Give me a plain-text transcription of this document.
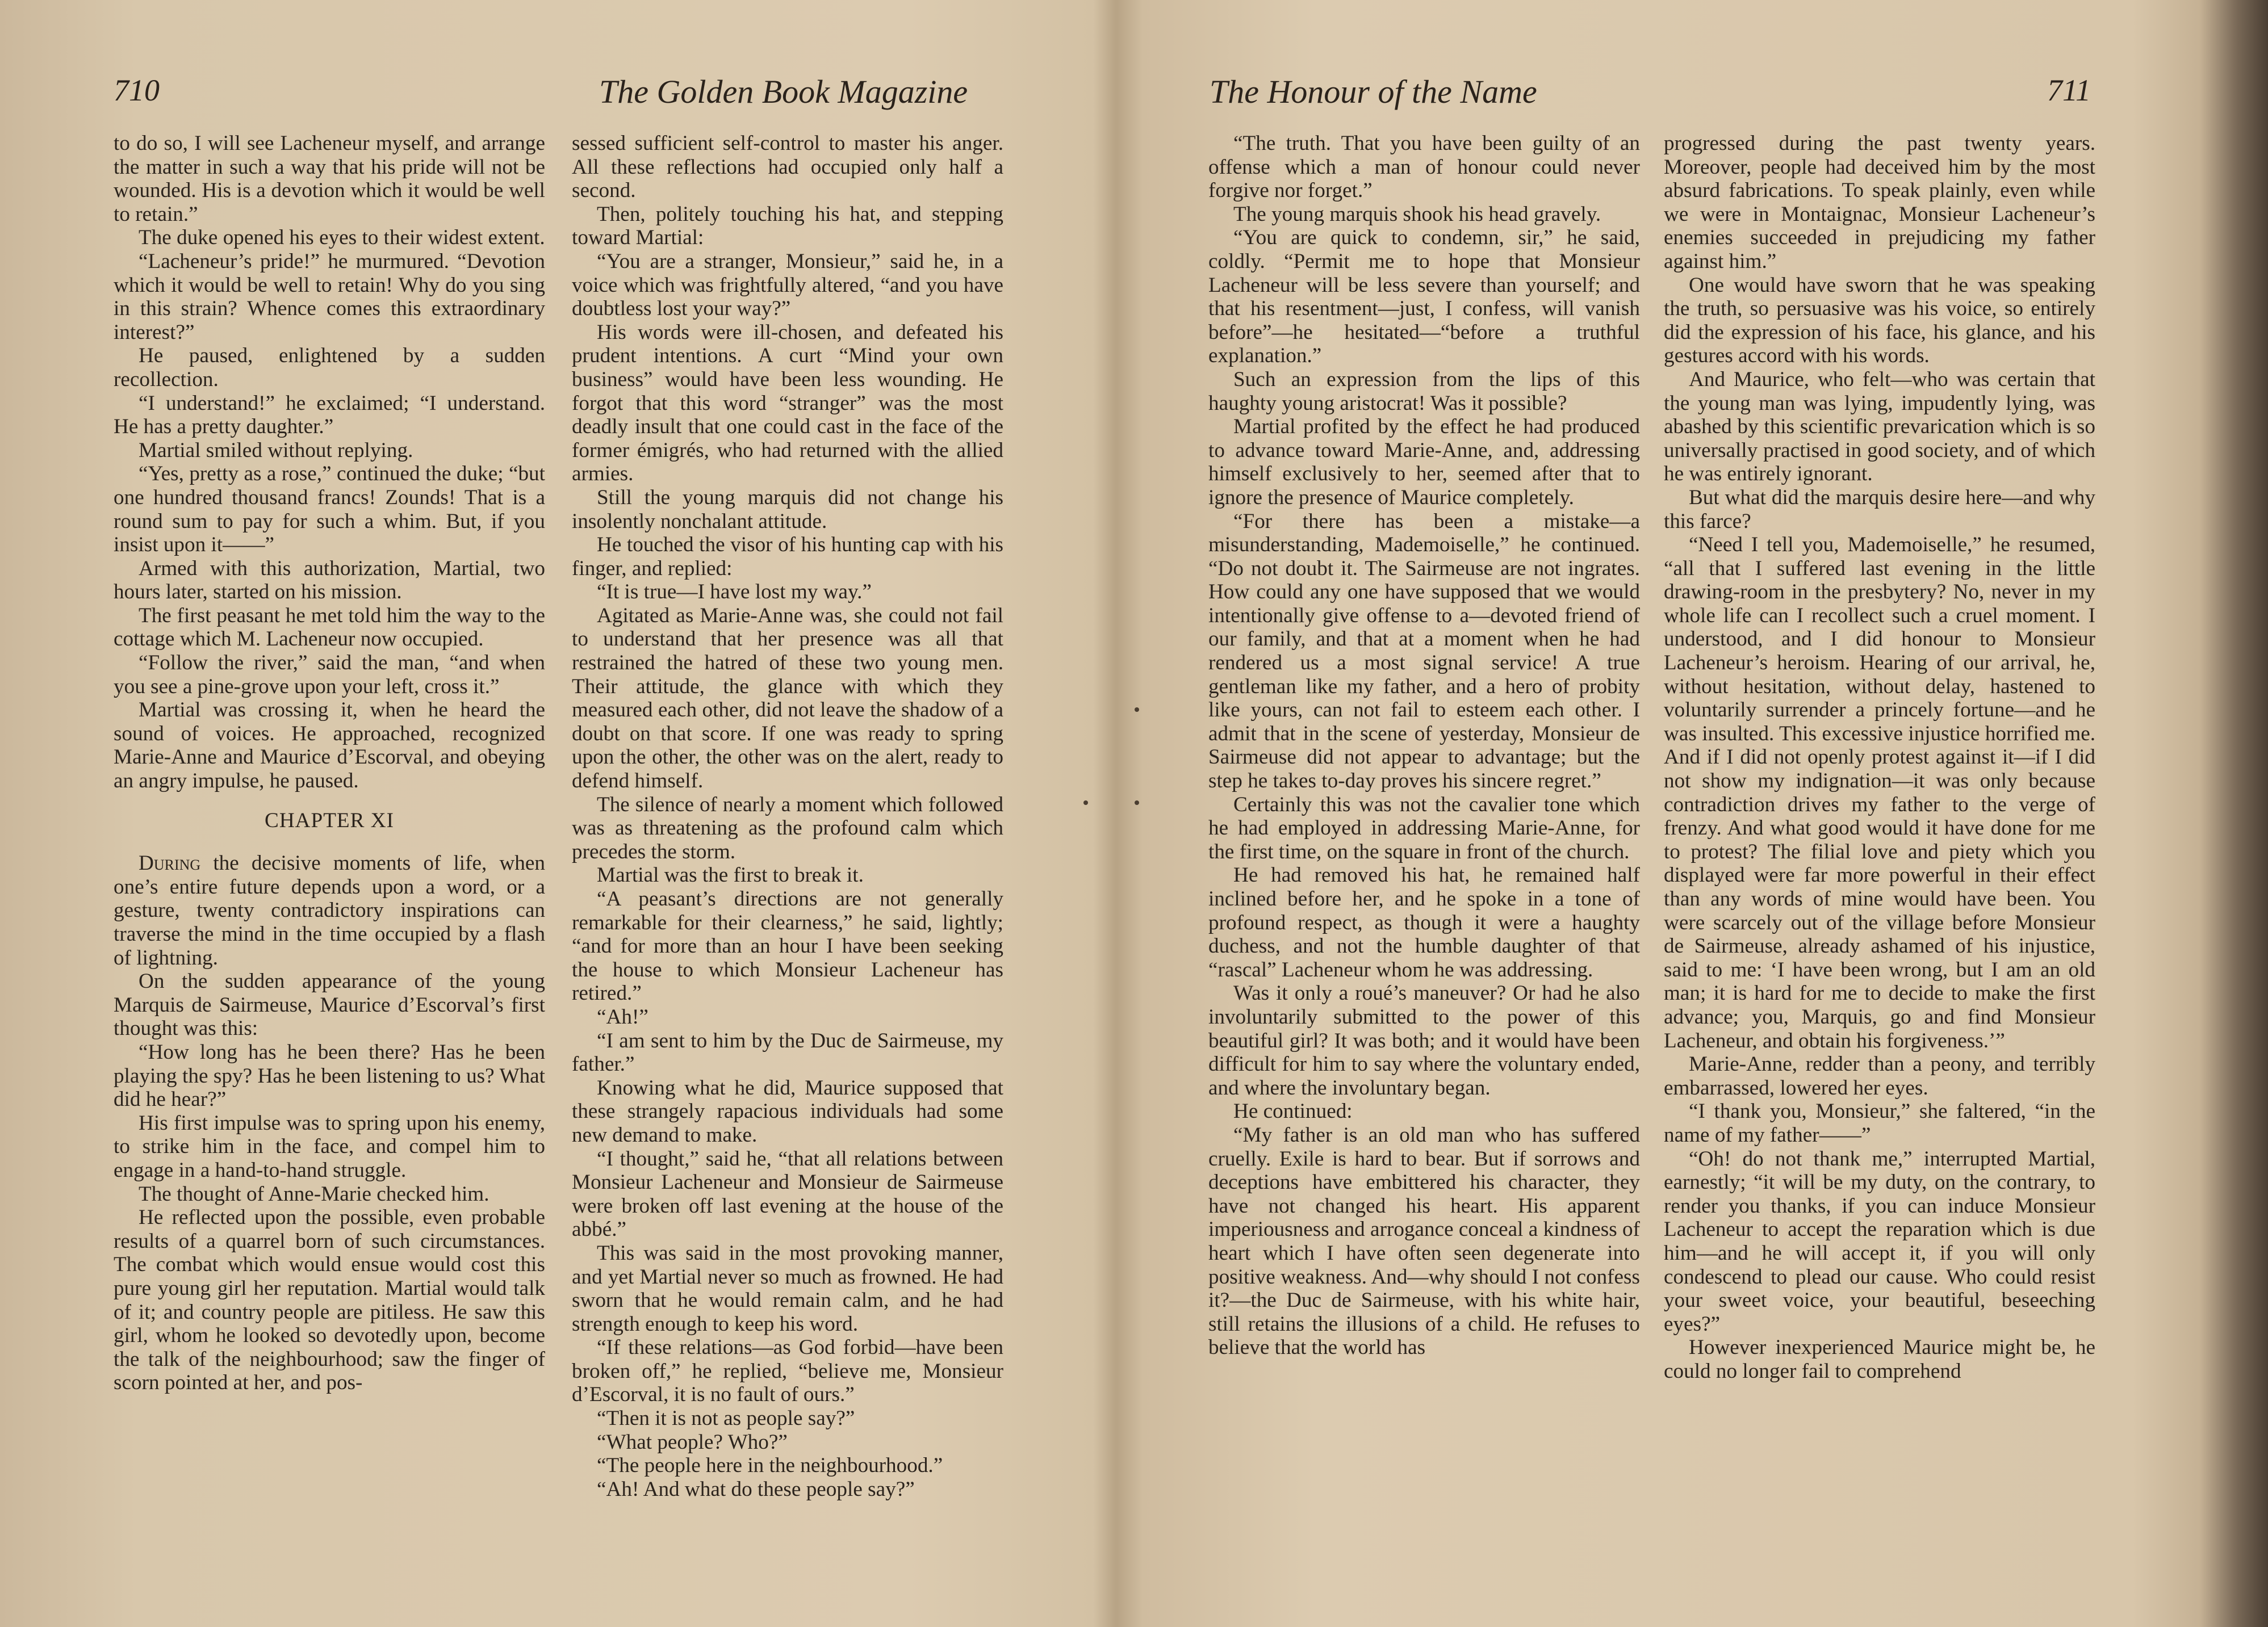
710	The Golden Book Magazine

to do so, I will see Lacheneur myself, and arrange the matter in such a way that his pride will not be wounded. His is a devotion which it would be well to retain.”

The duke opened his eyes to their widest extent.

“Lacheneur’s pride!” he murmured. “Devotion which it would be well to retain! Why do you sing in this strain? Whence comes this extraordinary interest?”

He paused, enlightened by a sudden recollection.

“I understand!” he exclaimed; “I understand. He has a pretty daughter.”

Martial smiled without replying.

“Yes, pretty as a rose,” continued the duke; “but one hundred thousand francs! Zounds! That is a round sum to pay for such a whim. But, if you insist upon it——”

Armed with this authorization, Martial, two hours later, started on his mission.

The first peasant he met told him the way to the cottage which M. Lacheneur now occupied.

“Follow the river,” said the man, “and when you see a pine-grove upon your left, cross it.”

Martial was crossing it, when he heard the sound of voices. He approached, recognized Marie-Anne and Maurice d’Escorval, and obeying an angry impulse, he paused.

CHAPTER XI

During the decisive moments of life, when one’s entire future depends upon a word, or a gesture, twenty contradictory inspirations can traverse the mind in the time occupied by a flash of lightning.

On the sudden appearance of the young Marquis de Sairmeuse, Maurice d’Escorval’s first thought was this:

“How long has he been there? Has he been playing the spy? Has he been listening to us? What did he hear?”

His first impulse was to spring upon his enemy, to strike him in the face, and compel him to engage in a hand-to-hand struggle.

The thought of Anne-Marie checked him.

He reflected upon the possible, even probable results of a quarrel born of such circumstances. The combat which would ensue would cost this pure young girl her reputation. Martial would talk of it; and country people are pitiless. He saw this girl, whom he looked so devotedly upon, become the talk of the neighbourhood; saw the finger of scorn pointed at her, and pos-

sessed sufficient self-control to master his anger. All these reflections had occupied only half a second.

Then, politely touching his hat, and stepping toward Martial:

“You are a stranger, Monsieur,” said he, in a voice which was frightfully altered, “and you have doubtless lost your way?”

His words were ill-chosen, and defeated his prudent intentions. A curt “Mind your own business” would have been less wounding. He forgot that this word “stranger” was the most deadly insult that one could cast in the face of the former émigrés, who had returned with the allied armies.

Still the young marquis did not change his insolently nonchalant attitude.

He touched the visor of his hunting cap with his finger, and replied:

“It is true—I have lost my way.”

Agitated as Marie-Anne was, she could not fail to understand that her presence was all that restrained the hatred of these two young men. Their attitude, the glance with which they measured each other, did not leave the shadow of a doubt on that score. If one was ready to spring upon the other, the other was on the alert, ready to defend himself.

The silence of nearly a moment which followed was as threatening as the profound calm which precedes the storm.

Martial was the first to break it.

“A peasant’s directions are not generally remarkable for their clearness,” he said, lightly; “and for more than an hour I have been seeking the house to which Monsieur Lacheneur has retired.”

“Ah!”

“I am sent to him by the Duc de Sairmeuse, my father.”

Knowing what he did, Maurice supposed that these strangely rapacious individuals had some new demand to make.

“I thought,” said he, “that all relations between Monsieur Lacheneur and Monsieur de Sairmeuse were broken off last evening at the house of the abbé.”

This was said in the most provoking manner, and yet Martial never so much as frowned. He had sworn that he would remain calm, and he had strength enough to keep his word.

“If these relations—as God forbid—have been broken off,” he replied, “believe me, Monsieur d’Escorval, it is no fault of ours.”

“Then it is not as people say?”

“What people? Who?”

“The people here in the neighbourhood.”

“Ah! And what do these people say?”

The Honour of the Name	711

“The truth. That you have been guilty of an offense which a man of honour could never forgive nor forget.”

The young marquis shook his head gravely.

“You are quick to condemn, sir,” he said, coldly. “Permit me to hope that Monsieur Lacheneur will be less severe than yourself; and that his resentment—just, I confess, will vanish before”—he hesitated—“before a truthful explanation.”

Such an expression from the lips of this haughty young aristocrat! Was it possible?

Martial profited by the effect he had produced to advance toward Marie-Anne, and, addressing himself exclusively to her, seemed after that to ignore the presence of Maurice completely.

“For there has been a mistake—a misunderstanding, Mademoiselle,” he continued. “Do not doubt it. The Sairmeuse are not ingrates. How could any one have supposed that we would intentionally give offense to a—devoted friend of our family, and that at a moment when he had rendered us a most signal service! A true gentleman like my father, and a hero of probity like yours, can not fail to esteem each other. I admit that in the scene of yesterday, Monsieur de Sairmeuse did not appear to advantage; but the step he takes to-day proves his sincere regret.”

Certainly this was not the cavalier tone which he had employed in addressing Marie-Anne, for the first time, on the square in front of the church.

He had removed his hat, he remained half inclined before her, and he spoke in a tone of profound respect, as though it were a haughty duchess, and not the humble daughter of that “rascal” Lacheneur whom he was addressing.

Was it only a roué’s maneuver? Or had he also involuntarily submitted to the power of this beautiful girl? It was both; and it would have been difficult for him to say where the voluntary ended, and where the involuntary began.

He continued:

“My father is an old man who has suffered cruelly. Exile is hard to bear. But if sorrows and deceptions have embittered his character, they have not changed his heart. His apparent imperiousness and arrogance conceal a kindness of heart which I have often seen degenerate into positive weakness. And—why should I not confess it?—the Duc de Sairmeuse, with his white hair, still retains the illusions of a child. He refuses to believe that the world has

progressed during the past twenty years. Moreover, people had deceived him by the most absurd fabrications. To speak plainly, even while we were in Montaignac, Monsieur Lacheneur’s enemies succeeded in prejudicing my father against him.”

One would have sworn that he was speaking the truth, so persuasive was his voice, so entirely did the expression of his face, his glance, and his gestures accord with his words.

And Maurice, who felt—who was certain that the young man was lying, impudently lying, was abashed by this scientific prevarication which is so universally practised in good society, and of which he was entirely ignorant.

But what did the marquis desire here—and why this farce?

“Need I tell you, Mademoiselle,” he resumed, “all that I suffered last evening in the little drawing-room in the presbytery? No, never in my whole life can I recollect such a cruel moment. I understood, and I did honour to Monsieur Lacheneur’s heroism. Hearing of our arrival, he, without hesitation, without delay, hastened to voluntarily surrender a princely fortune—and he was insulted. This excessive injustice horrified me. And if I did not openly protest against it—if I did not show my indignation—it was only because contradiction drives my father to the verge of frenzy. And what good would it have done for me to protest? The filial love and piety which you displayed were far more powerful in their effect than any words of mine would have been. You were scarcely out of the village before Monsieur de Sairmeuse, already ashamed of his injustice, said to me: ‘I have been wrong, but I am an old man; it is hard for me to decide to make the first advance; you, Marquis, go and find Monsieur Lacheneur, and obtain his forgiveness.’”

Marie-Anne, redder than a peony, and terribly embarrassed, lowered her eyes.

“I thank you, Monsieur,” she faltered, “in the name of my father——”

“Oh! do not thank me,” interrupted Martial, earnestly; “it will be my duty, on the contrary, to render you thanks, if you can induce Monsieur Lacheneur to accept the reparation which is due him—and he will accept it, if you will only condescend to plead our cause. Who could resist your sweet voice, your beautiful, beseeching eyes?”

However inexperienced Maurice might be, he could no longer fail to comprehend
